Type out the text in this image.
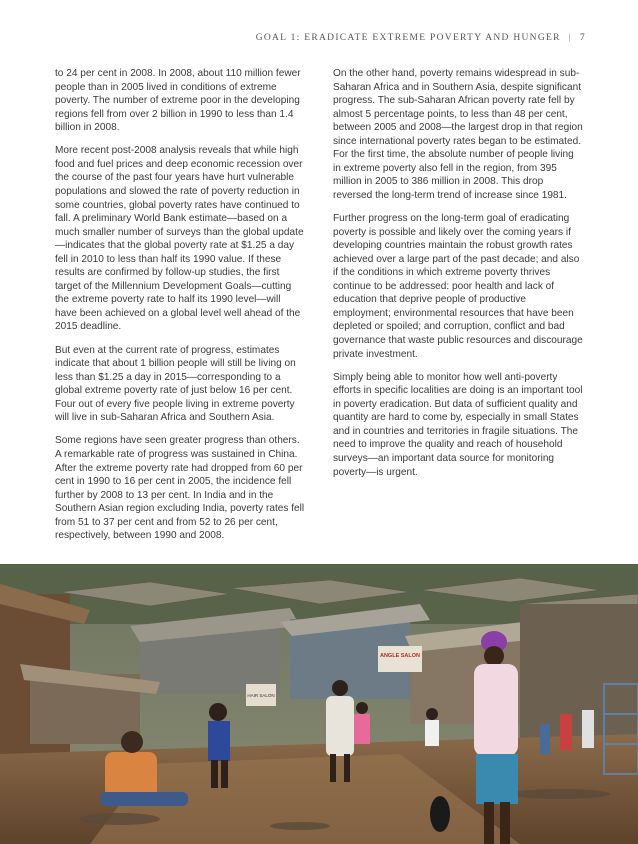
GOAL 1: ERADICATE EXTREME POVERTY AND HUNGER | 7

to 24 per cent in 2008. In 2008, about 110 million fewer people than in 2005 lived in conditions of extreme poverty. The number of extreme poor in the developing regions fell from over 2 billion in 1990 to less than 1.4 billion in 2008.

More recent post-2008 analysis reveals that while high food and fuel prices and deep economic recession over the course of the past four years have hurt vulnerable populations and slowed the rate of poverty reduction in some countries, global poverty rates have continued to fall. A preliminary World Bank estimate—based on a much smaller number of surveys than the global update—indicates that the global poverty rate at $1.25 a day fell in 2010 to less than half its 1990 value. If these results are confirmed by follow-up studies, the first target of the Millennium Development Goals—cutting the extreme poverty rate to half its 1990 level—will have been achieved on a global level well ahead of the 2015 deadline.

But even at the current rate of progress, estimates indicate that about 1 billion people will still be living on less than $1.25 a day in 2015—corresponding to a global extreme poverty rate of just below 16 per cent. Four out of every five people living in extreme poverty will live in sub-Saharan Africa and Southern Asia.

Some regions have seen greater progress than others. A remarkable rate of progress was sustained in China. After the extreme poverty rate had dropped from 60 per cent in 1990 to 16 per cent in 2005, the incidence fell further by 2008 to 13 per cent. In India and in the Southern Asian region excluding India, poverty rates fell from 51 to 37 per cent and from 52 to 26 per cent, respectively, between 1990 and 2008.

On the other hand, poverty remains widespread in sub-Saharan Africa and in Southern Asia, despite significant progress. The sub-Saharan African poverty rate fell by almost 5 percentage points, to less than 48 per cent, between 2005 and 2008—the largest drop in that region since international poverty rates began to be estimated. For the first time, the absolute number of people living in extreme poverty also fell in the region, from 395 million in 2005 to 386 million in 2008. This drop reversed the long-term trend of increase since 1981.

Further progress on the long-term goal of eradicating poverty is possible and likely over the coming years if developing countries maintain the robust growth rates achieved over a large part of the past decade; and also if the conditions in which extreme poverty thrives continue to be addressed: poor health and lack of education that deprive people of productive employment; environmental resources that have been depleted or spoiled; and corruption, conflict and bad governance that waste public resources and discourage private investment.

Simply being able to monitor how well anti-poverty efforts in specific localities are doing is an important tool in poverty eradication. But data of sufficient quality and quantity are hard to come by, especially in small States and in countries and territories in fragile situations. The need to improve the quality and reach of household surveys—an important data source for monitoring poverty—is urgent.

ANGLE SALON
HAIR SALON
